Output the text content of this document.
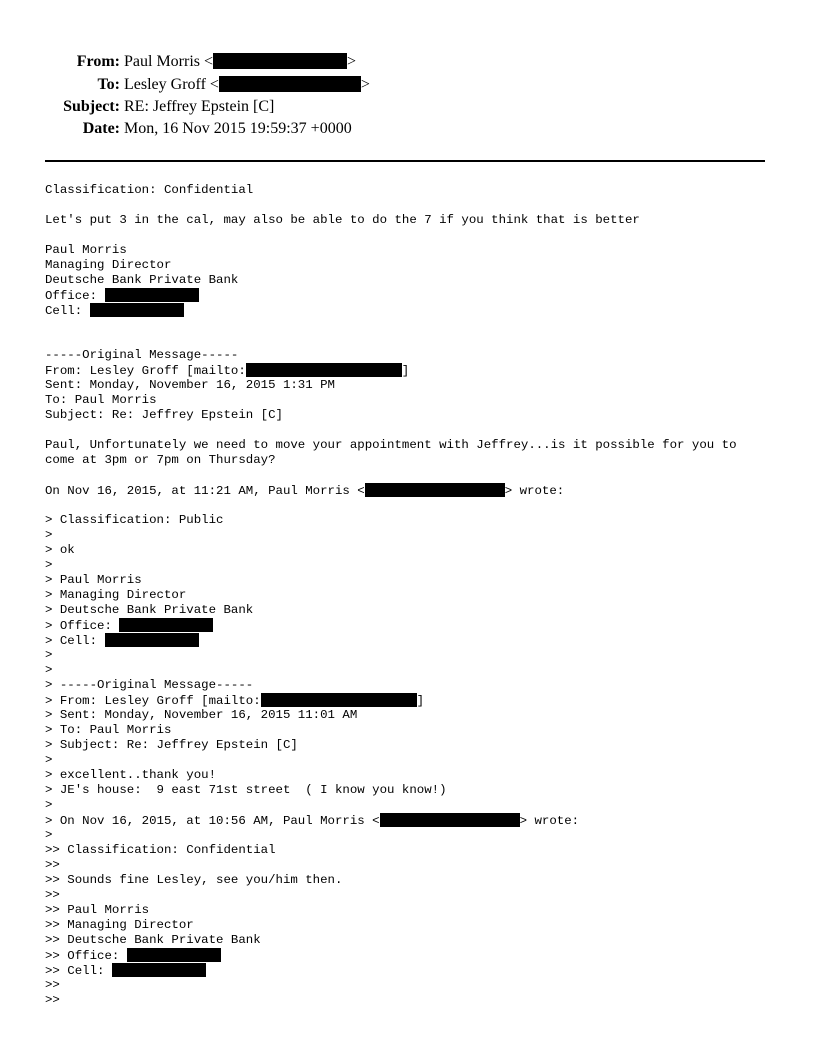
From: Paul Morris <	>
To: Lesley Groff <	>
Subject: RE: Jeffrey Epstein [C]
Date: Mon, 16 Nov 2015 19:59:37 +0000
Classification: Confidential
Let's put 3 in the cal, may also be able to do the 7 if you think that is better
Paul Morris
Managing Director
Deutsche Bank Private Bank
Office:
Cell:
-----Original Message-----
From: Lesley Groff [mailto:	]
Sent: Monday, November 16, 2015 1:31 PM
To: Paul Morris
Subject: Re: Jeffrey Epstein [C]
Paul, Unfortunately we need to move your appointment with Jeffrey...is it possible for you to
come at 3pm or 7pm on Thursday?
On Nov 16, 2015, at 11:21 AM, Paul Morris <	> wrote:
> Classification: Public
>
> ok
>
> Paul Morris
> Managing Director
> Deutsche Bank Private Bank
> Office:
> Cell:
>
>
> -----Original Message-----
> From: Lesley Groff [mailto:	]
> Sent: Monday, November 16, 2015 11:01 AM
> To: Paul Morris
> Subject: Re: Jeffrey Epstein [C]
>
> excellent..thank you!
> JE's house:  9 east 71st street  ( I know you know!)
>
> On Nov 16, 2015, at 10:56 AM, Paul Morris <	> wrote:
>
>> Classification: Confidential
>>
>> Sounds fine Lesley, see you/him then.
>>
>> Paul Morris
>> Managing Director
>> Deutsche Bank Private Bank
>> Office:
>> Cell:
>>
>>
